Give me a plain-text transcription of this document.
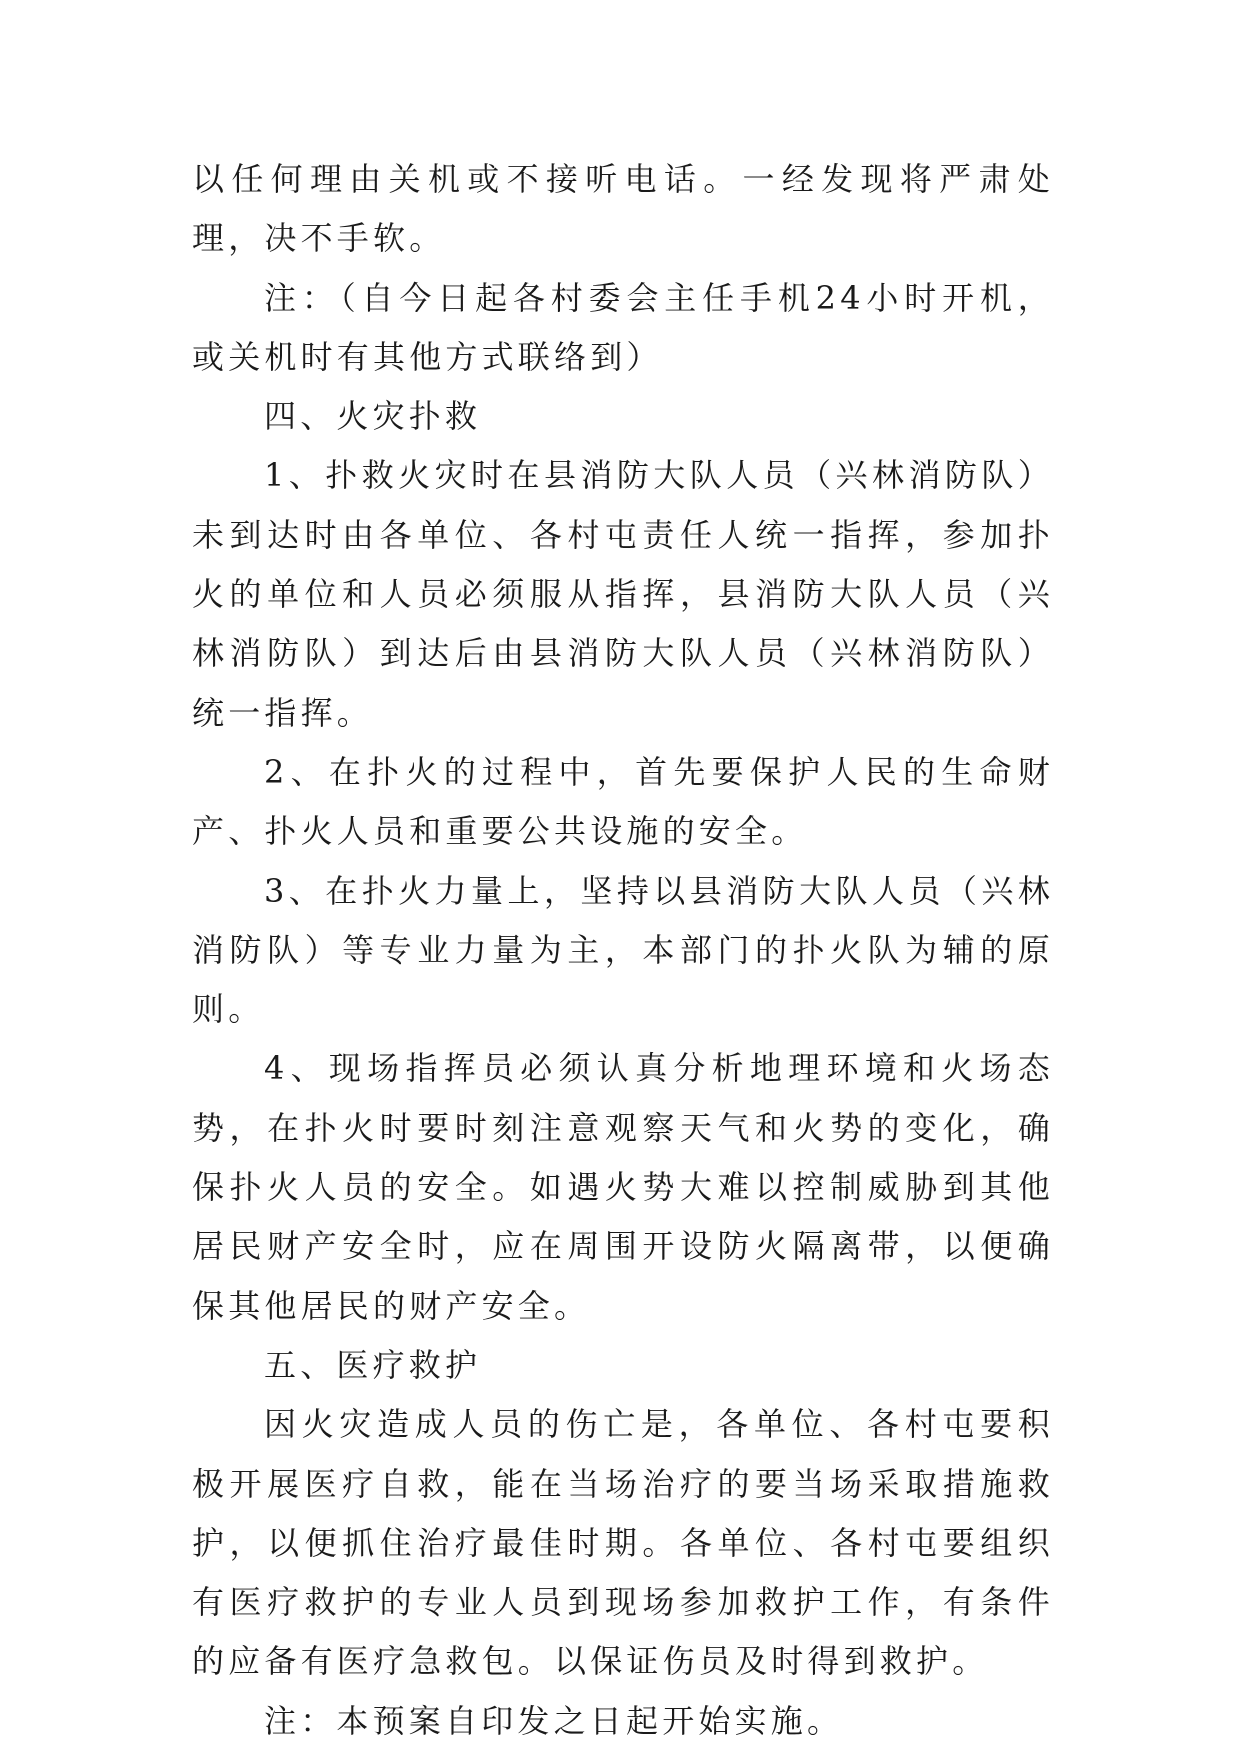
以任何理由关机或不接听电话。一经发现将严肃处理，决不手软。

注：（自今日起各村委会主任手机24小时开机，或关机时有其他方式联络到）

四、火灾扑救

1、扑救火灾时在县消防大队人员（兴林消防队）未到达时由各单位、各村屯责任人统一指挥，参加扑火的单位和人员必须服从指挥，县消防大队人员（兴林消防队）到达后由县消防大队人员（兴林消防队）统一指挥。

2、在扑火的过程中，首先要保护人民的生命财产、扑火人员和重要公共设施的安全。

3、在扑火力量上，坚持以县消防大队人员（兴林消防队）等专业力量为主，本部门的扑火队为辅的原则。

4、现场指挥员必须认真分析地理环境和火场态势，在扑火时要时刻注意观察天气和火势的变化，确保扑火人员的安全。如遇火势大难以控制威胁到其他居民财产安全时，应在周围开设防火隔离带，以便确保其他居民的财产安全。

五、医疗救护

因火灾造成人员的伤亡是，各单位、各村屯要积极开展医疗自救，能在当场治疗的要当场采取措施救护，以便抓住治疗最佳时期。各单位、各村屯要组织有医疗救护的专业人员到现场参加救护工作，有条件的应备有医疗急救包。以保证伤员及时得到救护。

注：本预案自印发之日起开始实施。
